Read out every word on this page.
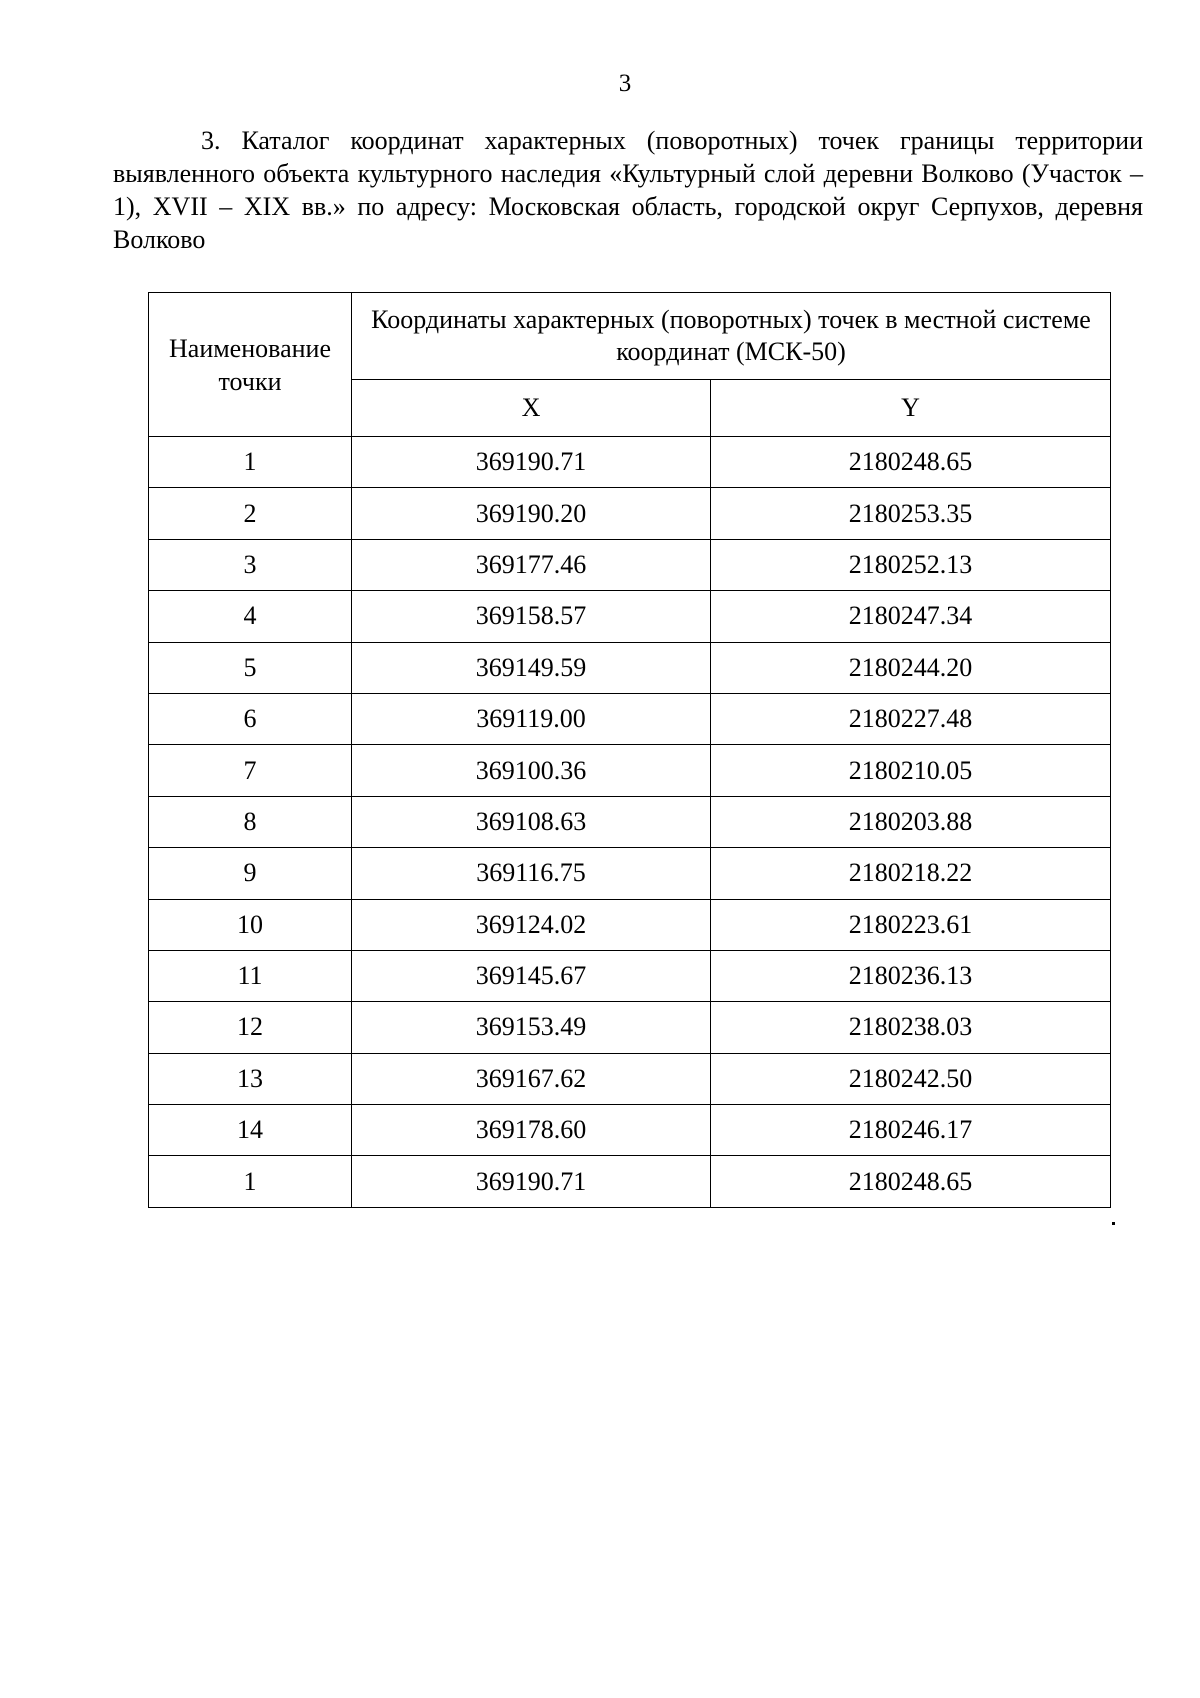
3

3. Каталог координат характерных (поворотных) точек границы территории выявленного объекта культурного наследия «Культурный слой деревни Волково (Участок – 1), XVII – XIX вв.» по адресу: Московская область, городской округ Серпухов, деревня Волково

Наименование точки	Координаты характерных (поворотных) точек в местной системе координат (МСК-50)	
	X	Y
1	369190.71	2180248.65
2	369190.20	2180253.35
3	369177.46	2180252.13
4	369158.57	2180247.34
5	369149.59	2180244.20
6	369119.00	2180227.48
7	369100.36	2180210.05
8	369108.63	2180203.88
9	369116.75	2180218.22
10	369124.02	2180223.61
11	369145.67	2180236.13
12	369153.49	2180238.03
13	369167.62	2180242.50
14	369178.60	2180246.17
1	369190.71	2180248.65
